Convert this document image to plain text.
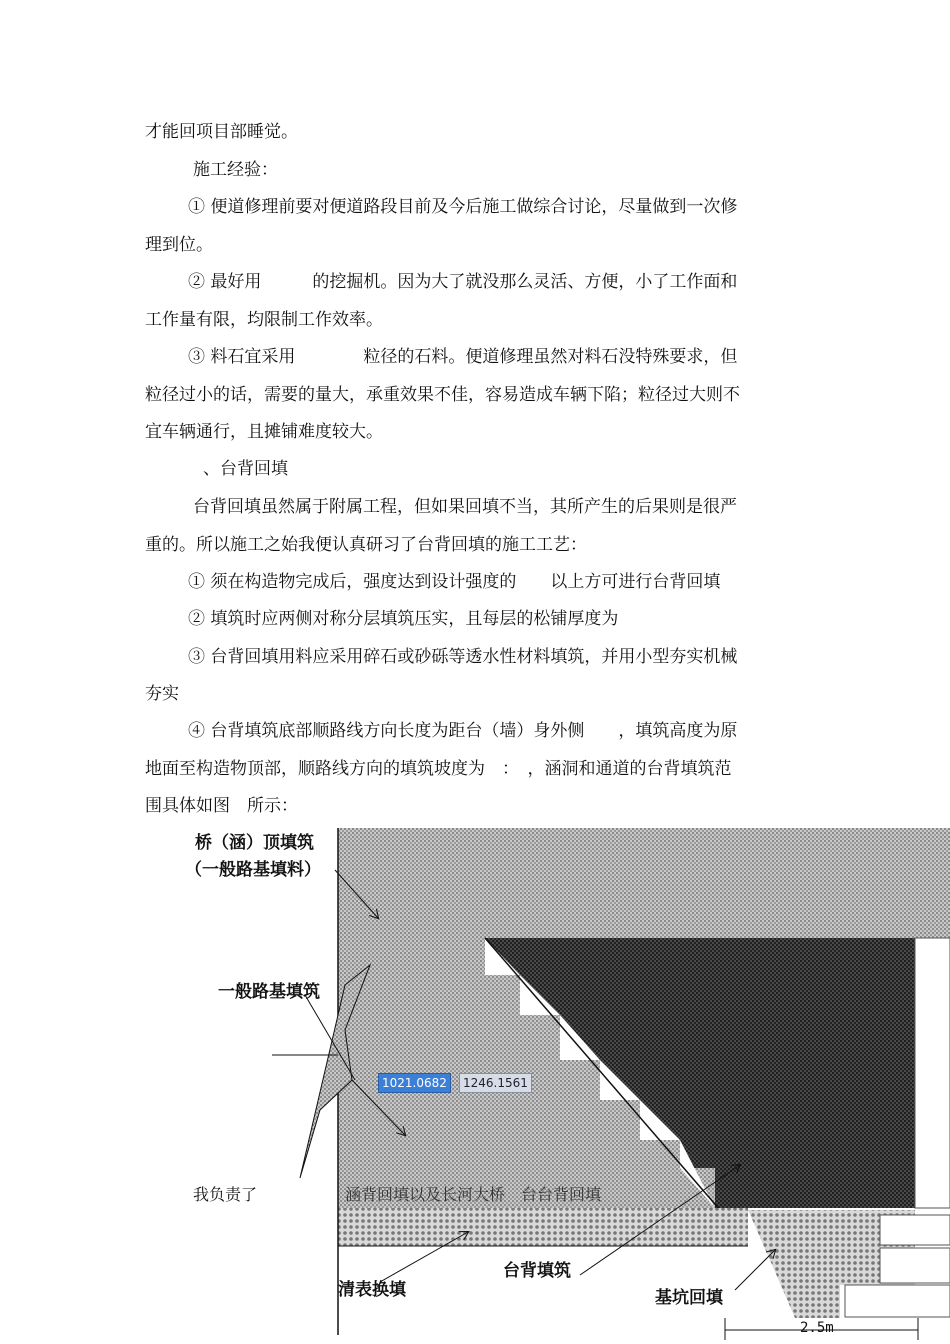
才能回项目部睡觉。
施工经验：
① 便道修理前要对便道路段目前及今后施工做综合讨论，尽量做到一次修
理到位。
② 最好用　　　的挖掘机。因为大了就没那么灵活、方便，小了工作面和
工作量有限，均限制工作效率。
③ 料石宜采用　　　　粒径的石料。便道修理虽然对料石没特殊要求，但
粒径过小的话，需要的量大，承重效果不佳，容易造成车辆下陷；粒径过大则不
宜车辆通行，且摊铺难度较大。
、台背回填
台背回填虽然属于附属工程，但如果回填不当，其所产生的后果则是很严
重的。所以施工之始我便认真研习了台背回填的施工工艺：
① 须在构造物完成后，强度达到设计强度的　　以上方可进行台背回填
② 填筑时应两侧对称分层填筑压实，且每层的松铺厚度为
③ 台背回填用料应采用碎石或砂砾等透水性材料填筑，并用小型夯实机械
夯实
④ 台背填筑底部顺路线方向长度为距台（墙）身外侧　　，填筑高度为原
地面至构造物顶部，顺路线方向的填筑坡度为　：　，涵洞和通道的台背填筑范
围具体如图　所示：
桥（涵）顶填筑
（一般路基填料）
一般路基填筑
清表换填
台背填筑
基坑回填
2.5m
1021.0682	1246.1561
我负责了	涵背回填以及长河大桥　台台背回填
